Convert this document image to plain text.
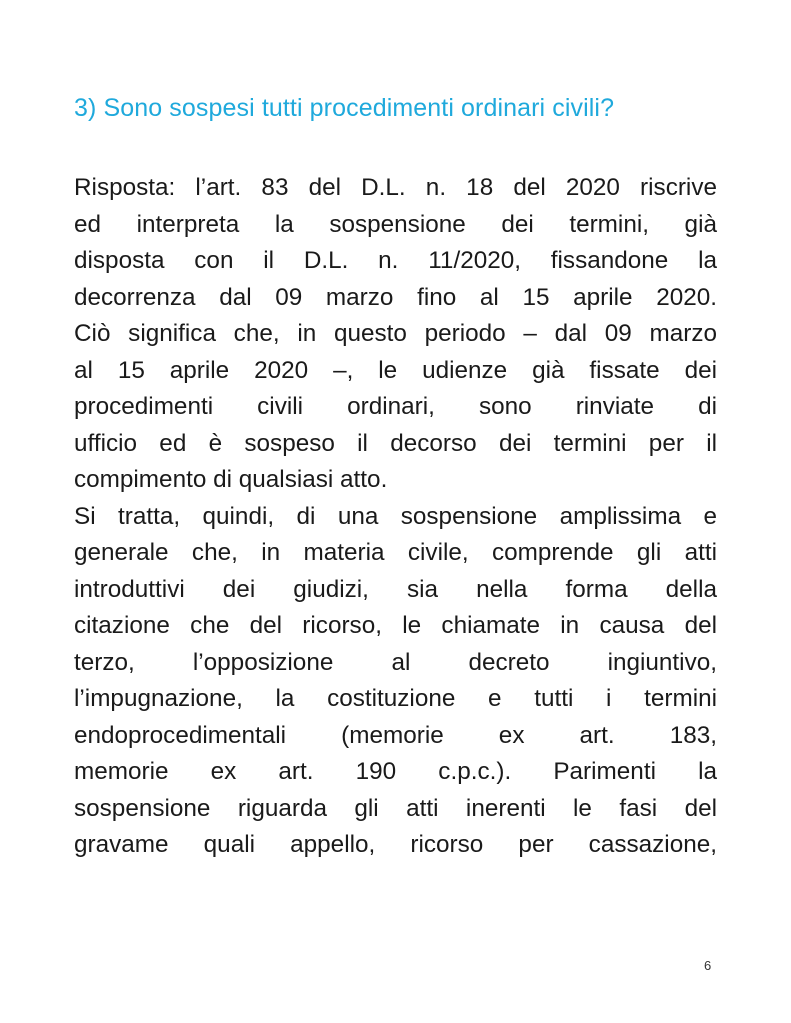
3) Sono sospesi tutti procedimenti ordinari civili?
Risposta: l’art. 83 del D.L. n. 18 del 2020 riscrive
ed interpreta la sospensione dei termini, già
disposta con il D.L. n. 11/2020, fissandone la
decorrenza dal 09 marzo fino al 15 aprile 2020.
Ciò significa che, in questo periodo – dal 09 marzo
al 15 aprile 2020 –, le udienze già fissate dei
procedimenti civili ordinari, sono rinviate di
ufficio ed è sospeso il decorso dei termini per il
compimento di qualsiasi atto.
Si tratta, quindi, di una sospensione amplissima e
generale che, in materia civile, comprende gli atti
introduttivi dei giudizi, sia nella forma della
citazione che del ricorso, le chiamate in causa del
terzo, l’opposizione al decreto ingiuntivo,
l’impugnazione, la costituzione e tutti i termini
endoprocedimentali (memorie ex art. 183,
memorie ex art. 190 c.p.c.). Parimenti la
sospensione riguarda gli atti inerenti le fasi del
gravame quali appello, ricorso per cassazione,
6
